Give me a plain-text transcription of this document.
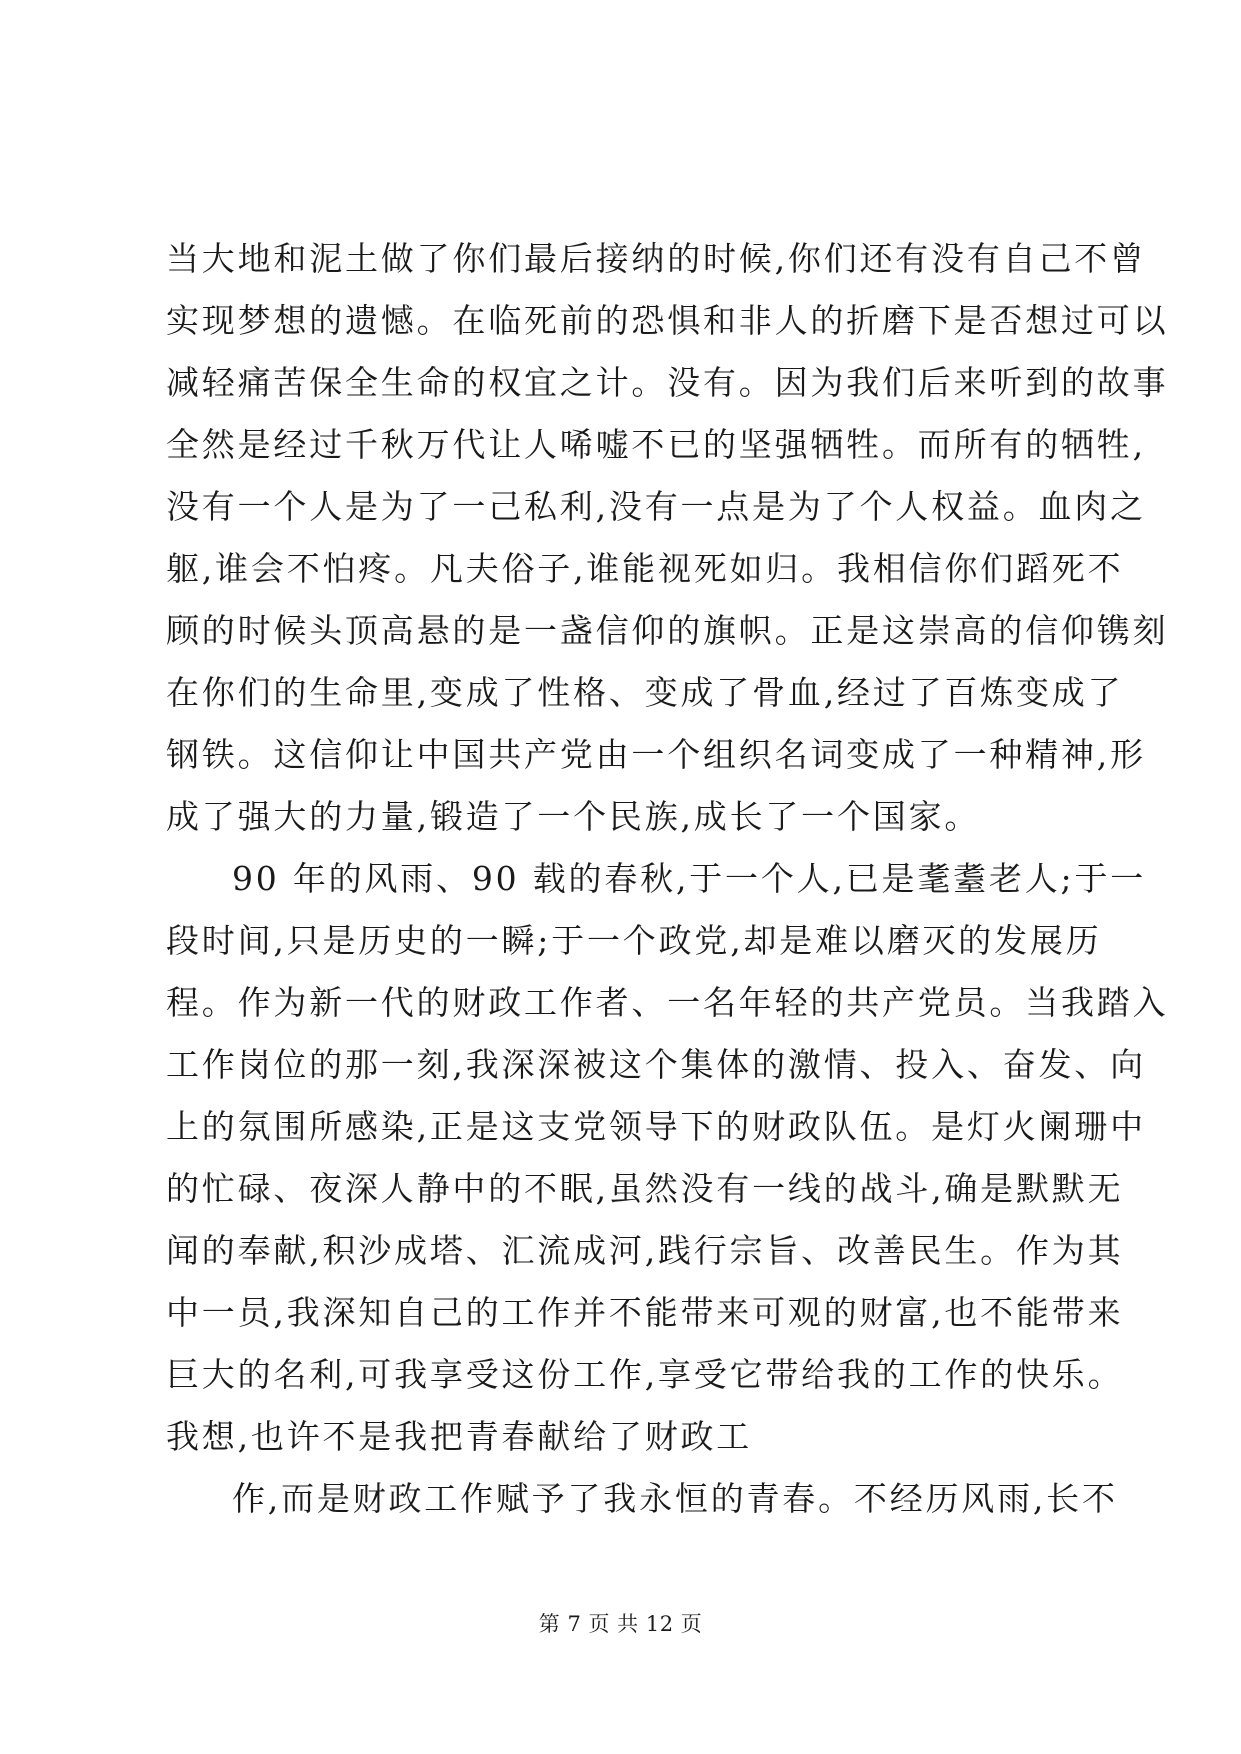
当大地和泥土做了你们最后接纳的时候,你们还有没有自己不曾
实现梦想的遗憾。在临死前的恐惧和非人的折磨下是否想过可以
减轻痛苦保全生命的权宜之计。没有。因为我们后来听到的故事
全然是经过千秋万代让人唏嘘不已的坚强牺牲。而所有的牺牲,
没有一个人是为了一己私利,没有一点是为了个人权益。血肉之
躯,谁会不怕疼。凡夫俗子,谁能视死如归。我相信你们蹈死不
顾的时候头顶高悬的是一盏信仰的旗帜。正是这崇高的信仰镌刻
在你们的生命里,变成了性格、变成了骨血,经过了百炼变成了
钢铁。这信仰让中国共产党由一个组织名词变成了一种精神,形
成了强大的力量,锻造了一个民族,成长了一个国家。
90 年的风雨、90 载的春秋,于一个人,已是耄耋老人;于一
段时间,只是历史的一瞬;于一个政党,却是难以磨灭的发展历
程。作为新一代的财政工作者、一名年轻的共产党员。当我踏入
工作岗位的那一刻,我深深被这个集体的激情、投入、奋发、向
上的氛围所感染,正是这支党领导下的财政队伍。是灯火阑珊中
的忙碌、夜深人静中的不眠,虽然没有一线的战斗,确是默默无
闻的奉献,积沙成塔、汇流成河,践行宗旨、改善民生。作为其
中一员,我深知自己的工作并不能带来可观的财富,也不能带来
巨大的名利,可我享受这份工作,享受它带给我的工作的快乐。
我想,也许不是我把青春献给了财政工
作,而是财政工作赋予了我永恒的青春。不经历风雨,长不
第 7 页 共 12 页
